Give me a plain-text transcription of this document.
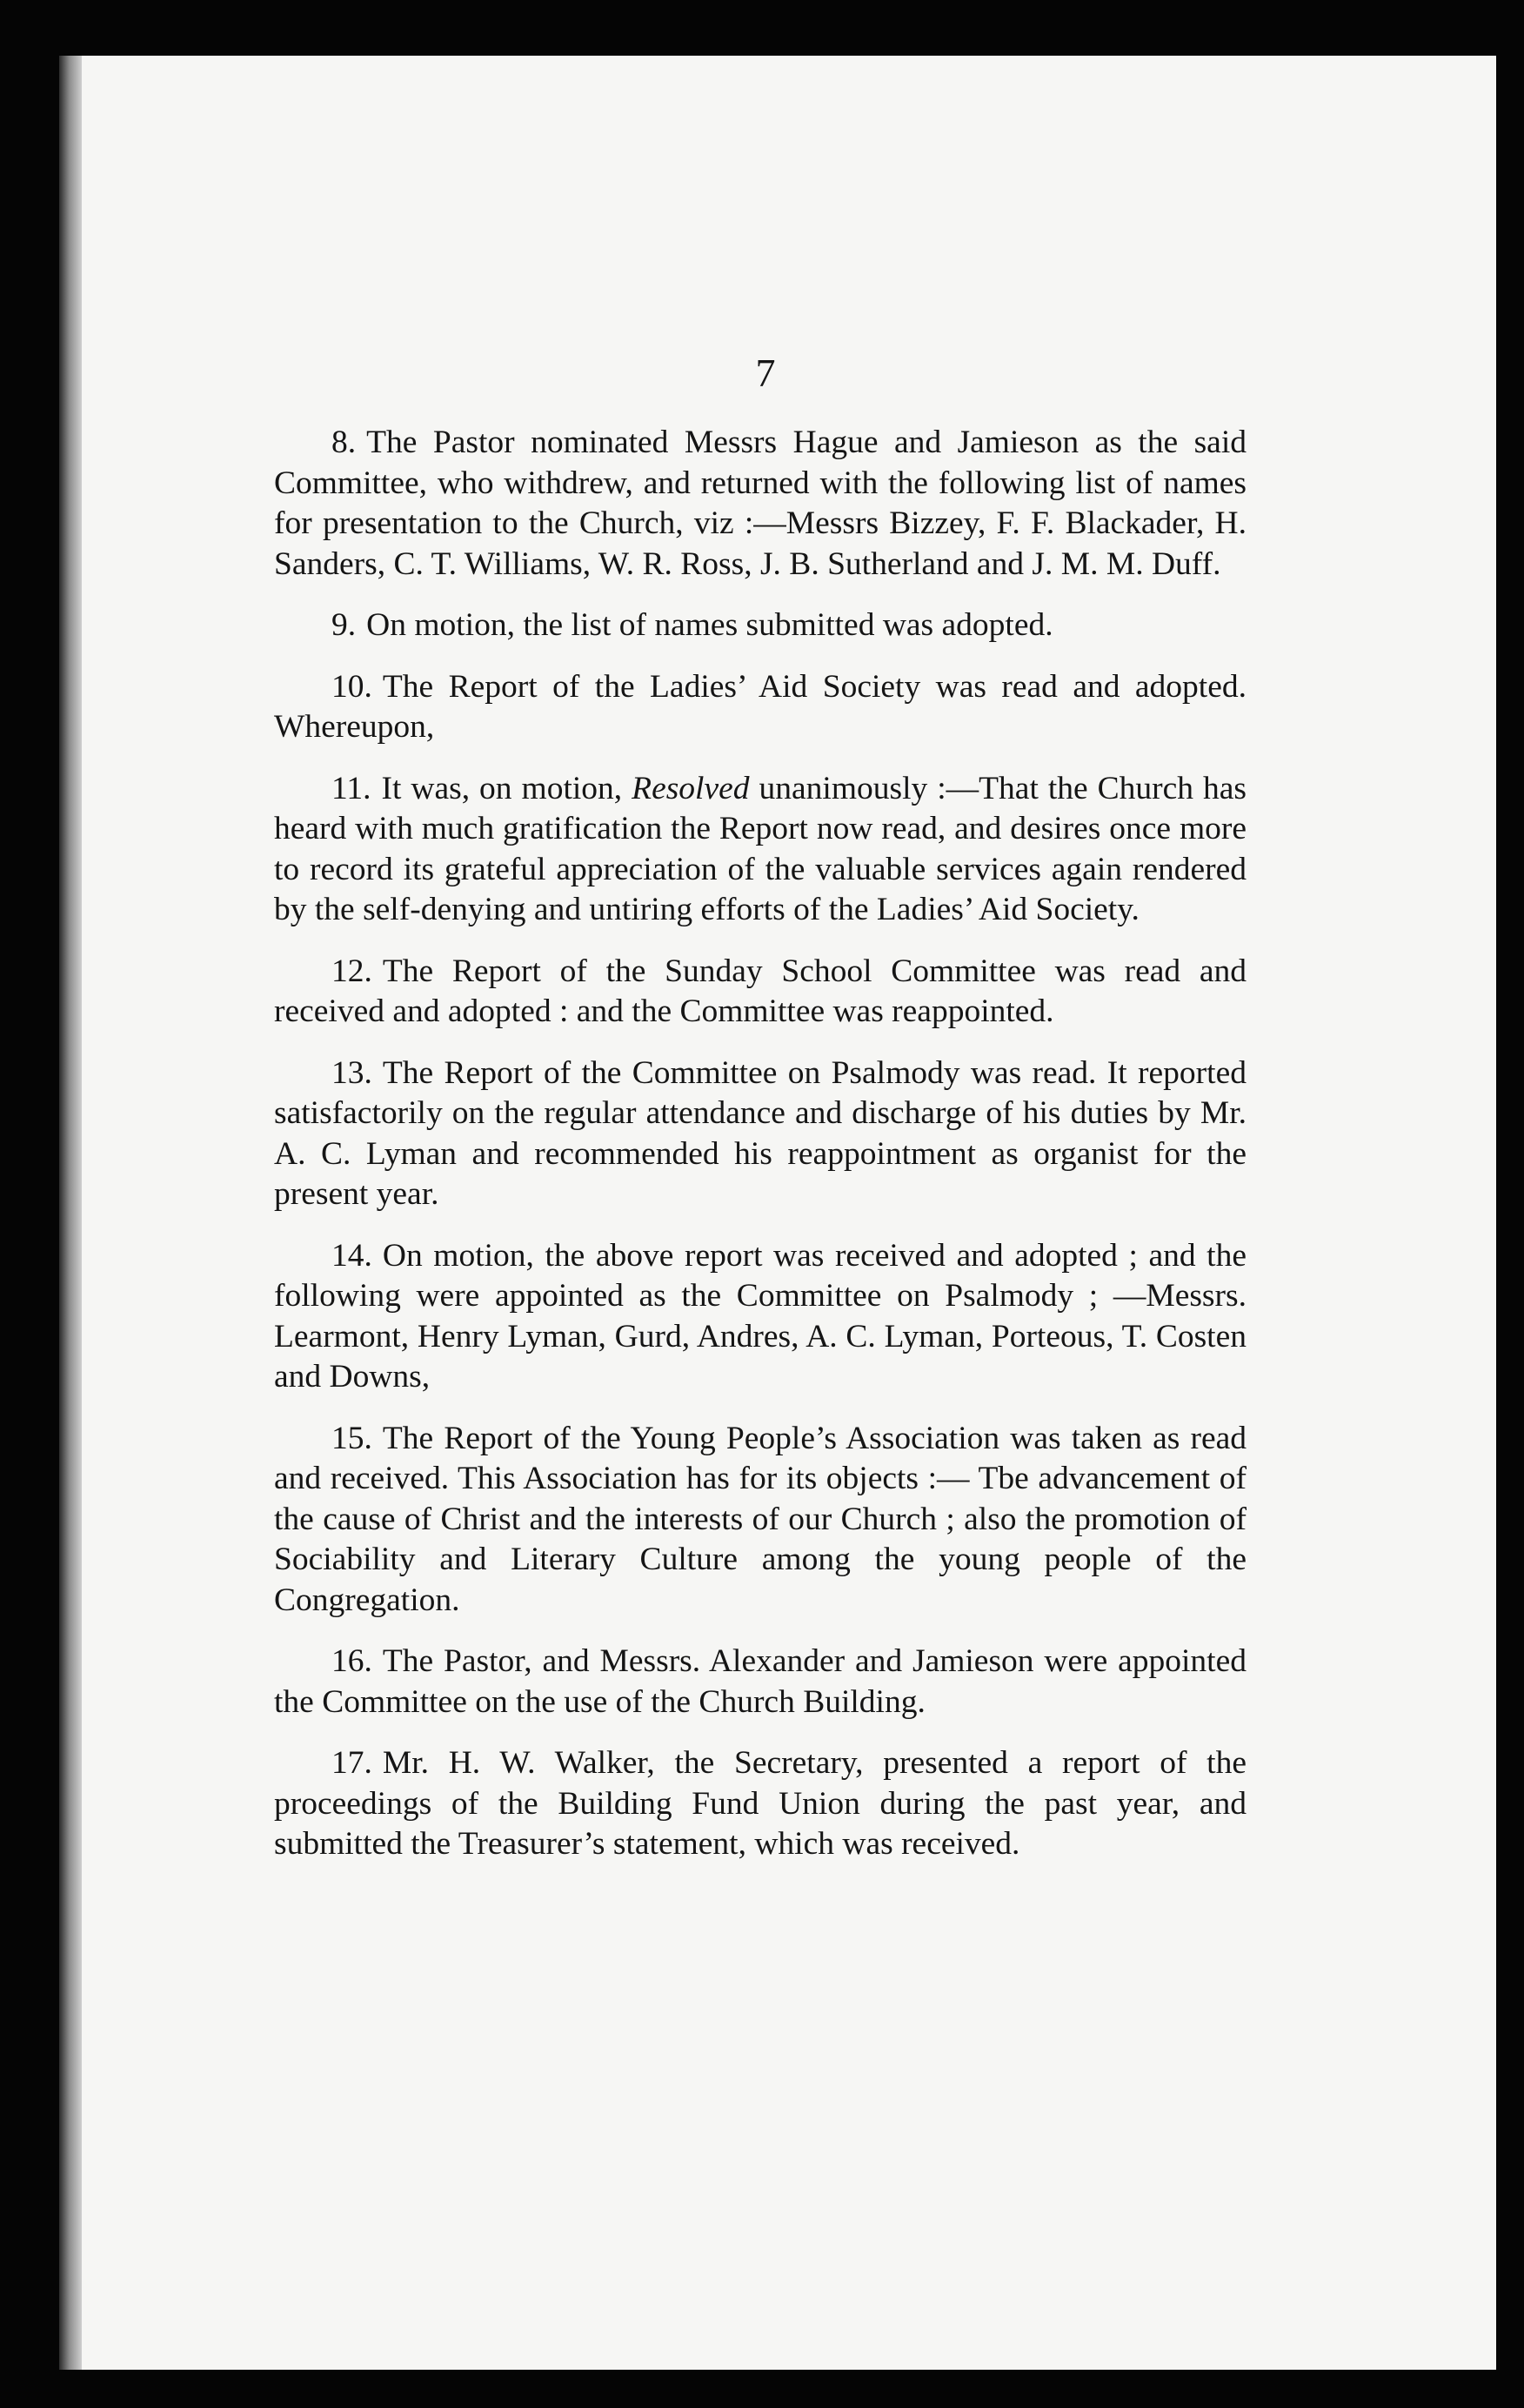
7

8. The Pastor nominated Messrs Hague and Jamieson as the said Committee, who withdrew, and returned with the following list of names for presentation to the Church, viz :—Messrs Bizzey, F. F. Blackader, H. Sanders, C. T. Williams, W. R. Ross, J. B. Sutherland and J. M. M. Duff.

9. On motion, the list of names submitted was adopted.

10. The Report of the Ladies’ Aid Society was read and adopted. Whereupon,

11. It was, on motion, Resolved unanimously :—That the Church has heard with much gratification the Report now read, and desires once more to record its grateful appreciation of the valuable services again rendered by the self-denying and untiring efforts of the Ladies’ Aid Society.

12. The Report of the Sunday School Committee was read and received and adopted : and the Committee was reappointed.

13. The Report of the Committee on Psalmody was read. It reported satisfactorily on the regular attendance and discharge of his duties by Mr. A. C. Lyman and recommended his reappointment as organist for the present year.

14. On motion, the above report was received and adopted ; and the following were appointed as the Committee on Psalmody ; —Messrs. Learmont, Henry Lyman, Gurd, Andres, A. C. Lyman, Porteous, T. Costen and Downs,

15. The Report of the Young People’s Association was taken as read and received. This Association has for its objects :— Tbe advancement of the cause of Christ and the interests of our Church ; also the promotion of Sociability and Literary Culture among the young people of the Congregation.

16. The Pastor, and Messrs. Alexander and Jamieson were appointed the Committee on the use of the Church Building.

17. Mr. H. W. Walker, the Secretary, presented a report of the proceedings of the Building Fund Union during the past year, and submitted the Treasurer’s statement, which was received.
